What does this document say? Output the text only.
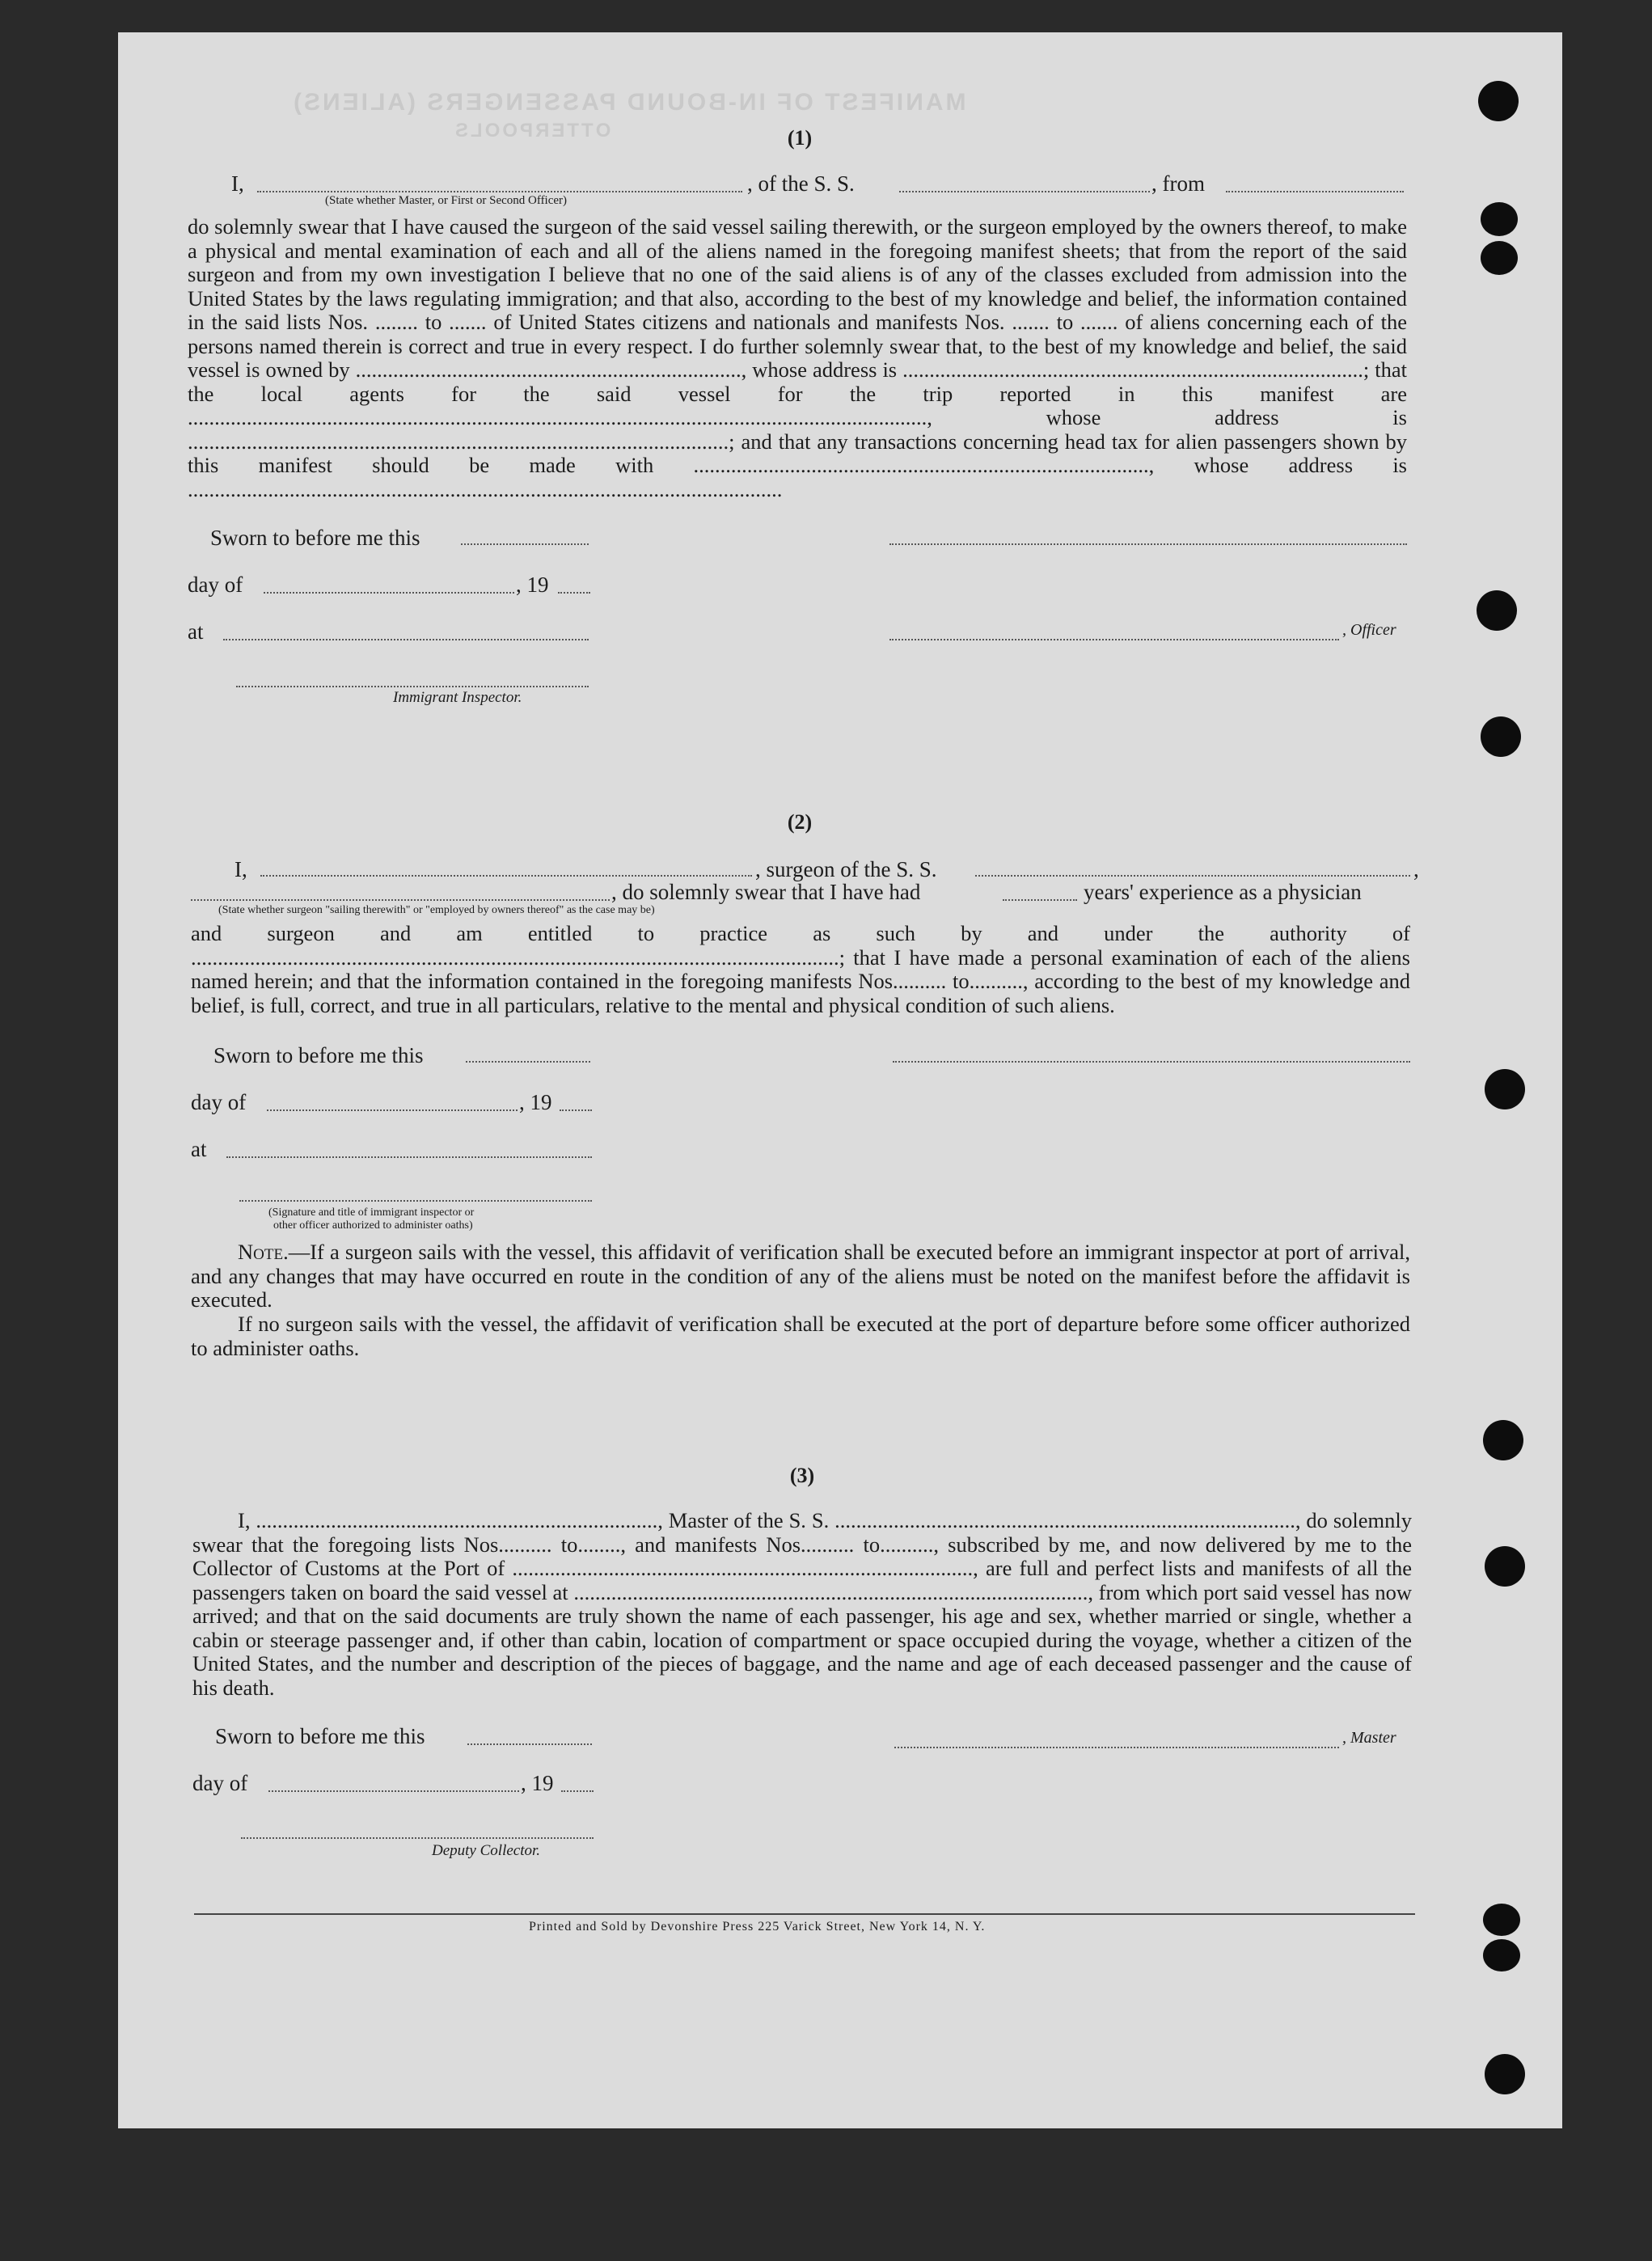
MANIFEST OF IN-BOUND PASSENGERS (ALIENS)
OTTERPOOLS	(1)
I,	, of the S. S.	, from
(State whether Master, or First or Second Officer)

do solemnly swear that I have caused the surgeon of the said vessel sailing therewith, or the surgeon employed by the owners thereof, to make a physical and mental examination of each and all of the aliens named in the foregoing manifest sheets; that from the report of the said surgeon and from my own investigation I believe that no one of the said aliens is of any of the classes excluded from admission into the United States by the laws regulating immigration; and that also, according to the best of my knowledge and belief, the information contained in the said lists Nos. ........ to ....... of United States citizens and nationals and manifests Nos. ....... to ....... of aliens concerning each of the persons named therein is correct and true in every respect. I do further solemnly swear that, to the best of my knowledge and belief, the said vessel is owned by ........................................................................, whose address is ......................................................................................; that the local agents for the said vessel for the trip reported in this manifest are .........................................................................................................................................., whose address is .....................................................................................................; and that any transactions concerning head tax for alien passengers shown by this manifest should be made with ....................................................................................., whose address is ...............................................................................................................

Sworn to before me this
day of	, 19
at	, Officer
Immigrant Inspector.
(2)
I,	, surgeon of the S. S.	,
, do solemnly swear that I have had	years' experience as a physician
(State whether surgeon "sailing therewith" or "employed by owners thereof" as the case may be)
and surgeon and am entitled to practice as such by and under the authority of .........................................................................................................................; that I have made a personal examination of each of the aliens named herein; and that the information contained in the foregoing manifests Nos.......... to.........., according to the best of my knowledge and belief, is full, correct, and true in all particulars, relative to the mental and physical condition of such aliens.
Sworn to before me this
day of	, 19
at
(Signature and title of immigrant inspector or
other officer authorized to administer oaths)
Note.—If a surgeon sails with the vessel, this affidavit of verification shall be executed before an immigrant inspector at port of arrival, and any changes that may have occurred en route in the condition of any of the aliens must be noted on the manifest before the affidavit is executed.
If no surgeon sails with the vessel, the affidavit of verification shall be executed at the port of departure before some officer authorized to administer oaths.
(3)
I, ..........................................................................., Master of the S. S. ......................................................................................, do solemnly swear that the foregoing lists Nos.......... to........, and manifests Nos.......... to.........., subscribed by me, and now delivered by me to the Collector of Customs at the Port of ......................................................................................, are full and perfect lists and manifests of all the passengers taken on board the said vessel at ................................................................................................, from which port said vessel has now arrived; and that on the said documents are truly shown the name of each passenger, his age and sex, whether married or single, whether a cabin or steerage passenger and, if other than cabin, location of compartment or space occupied during the voyage, whether a citizen of the United States, and the number and description of the pieces of baggage, and the name and age of each deceased passenger and the cause of his death.
Sworn to before me this	, Master
day of	, 19
Deputy Collector.
Printed and Sold by Devonshire Press 225 Varick Street, New York 14, N. Y.
